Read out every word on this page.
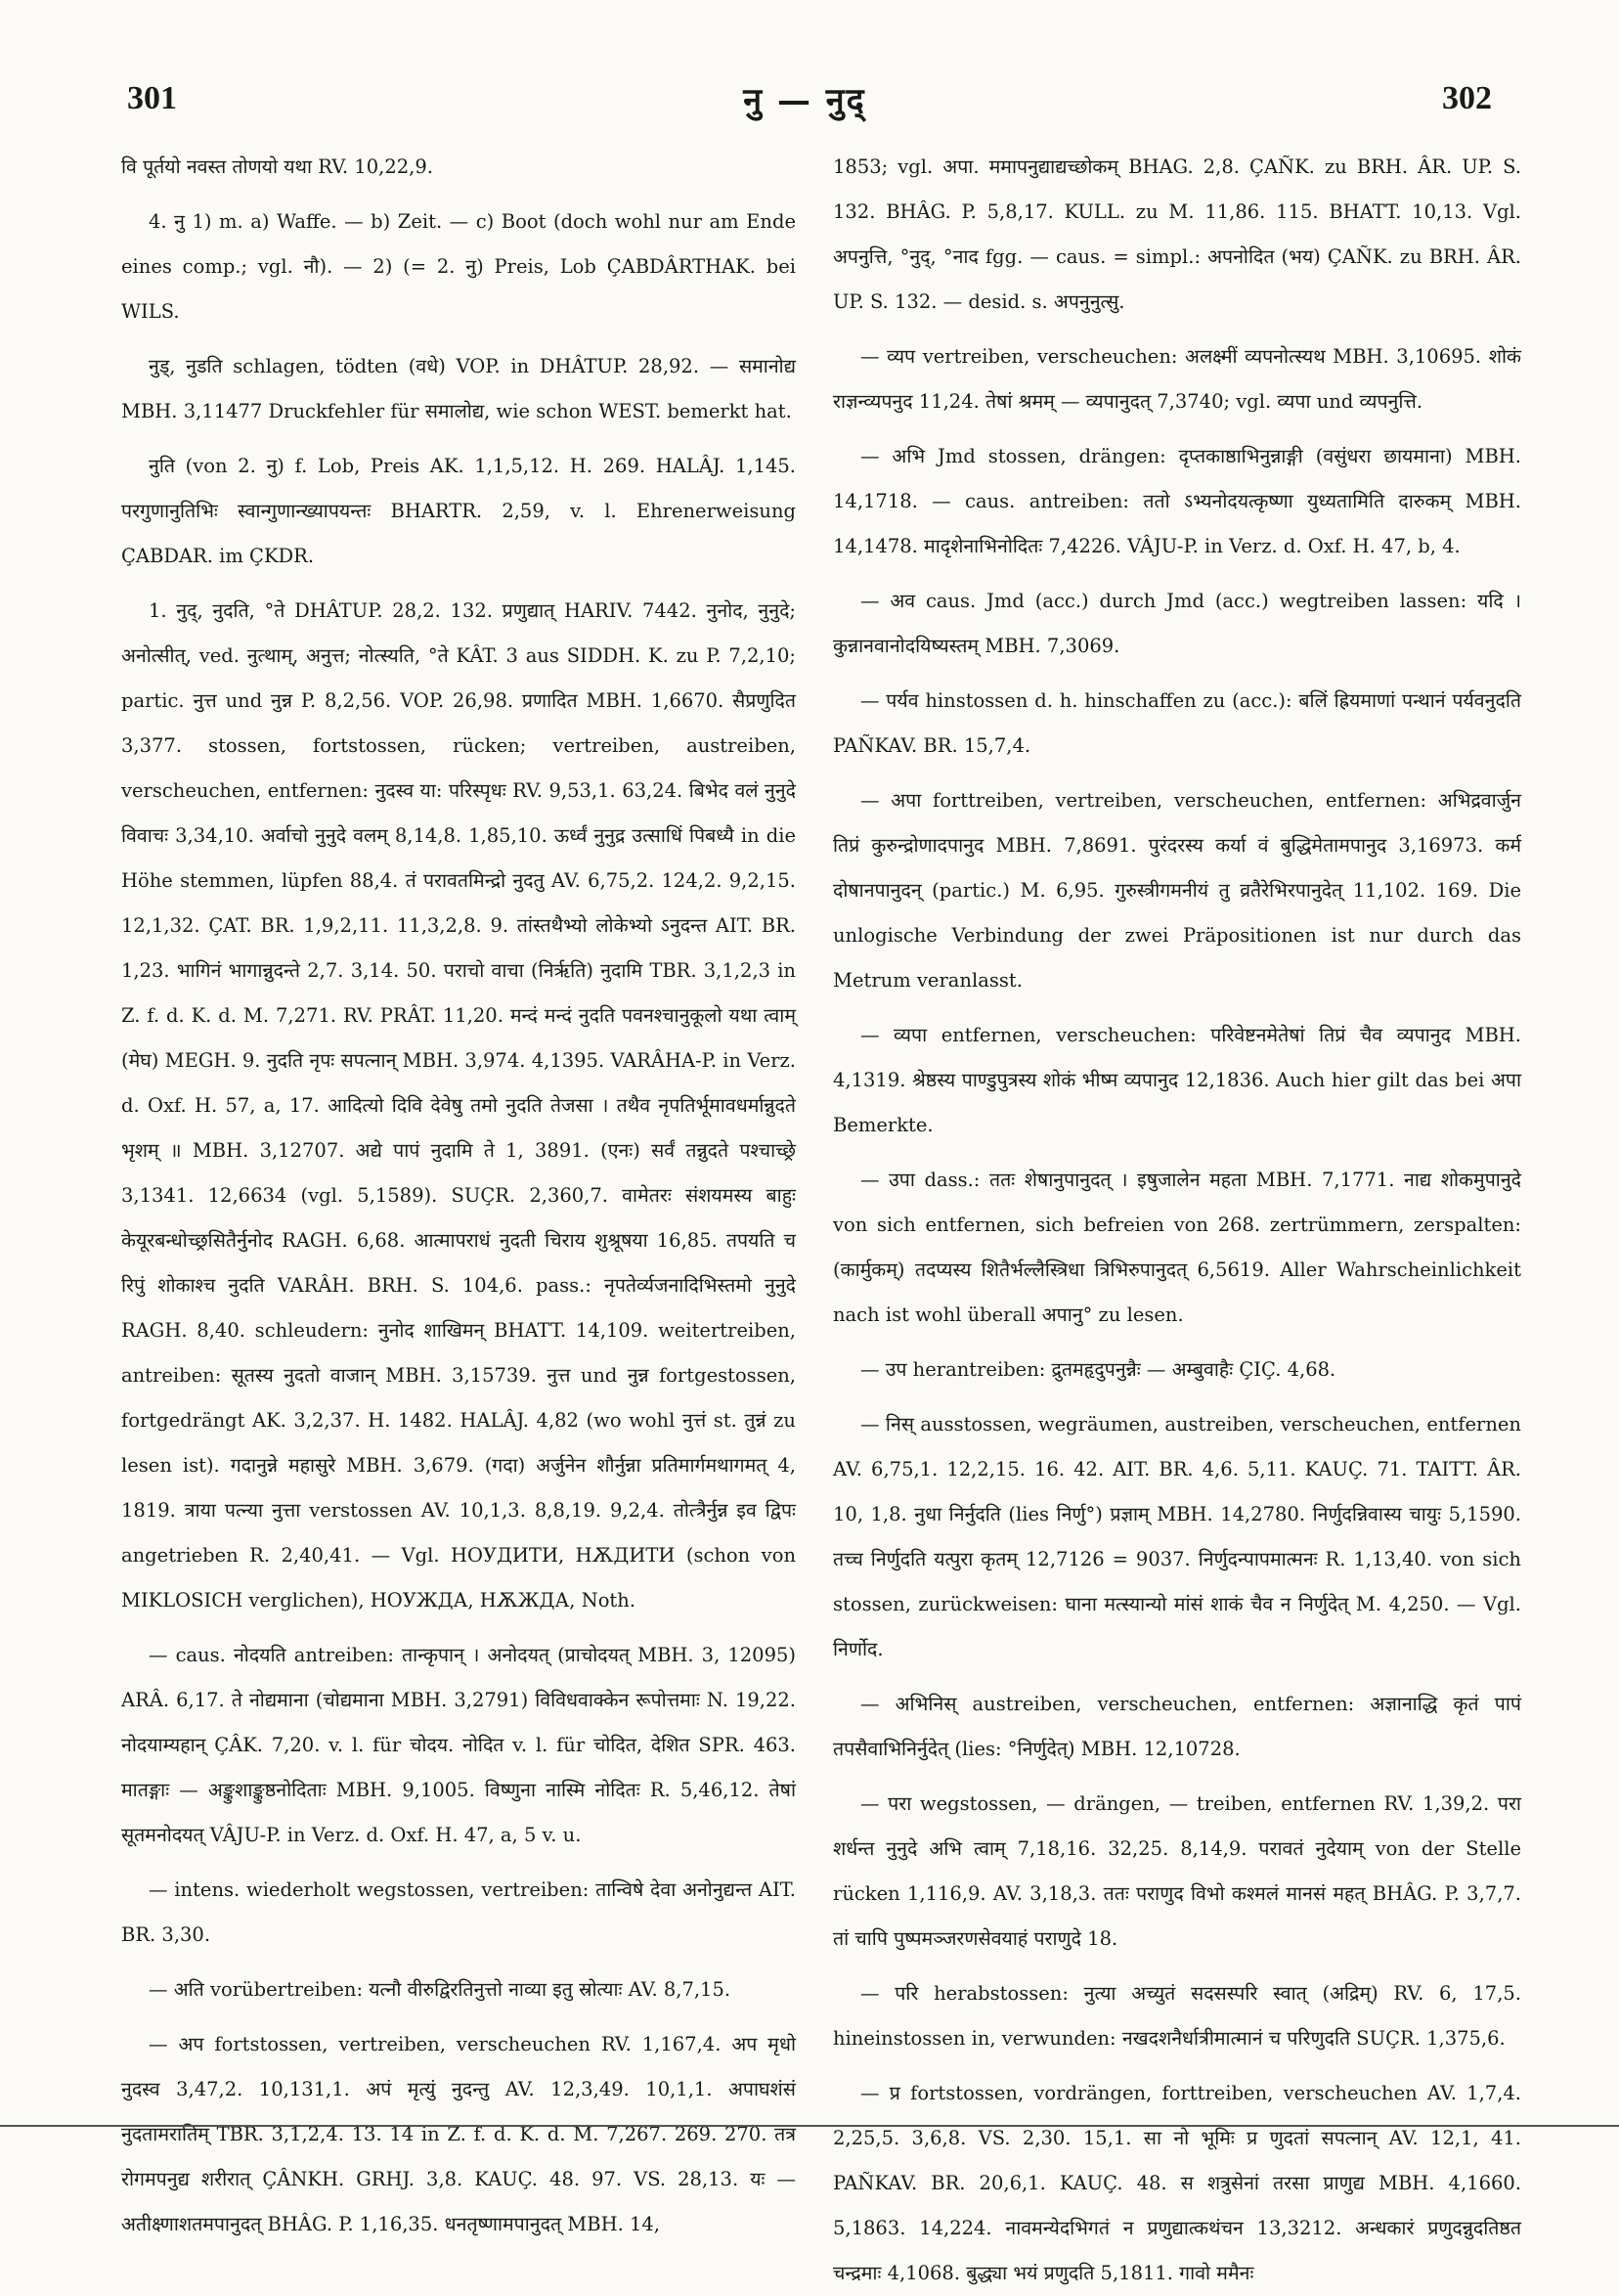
301	नु — नुद्	302

वि पूर्तयो नवस्त तोणयो यथा RV. 10,22,9.

4. नु 1) m. a) Waffe. — b) Zeit. — c) Boot (doch wohl nur am Ende eines comp.; vgl. नौ). — 2) (= 2. नु) Preis, Lob ÇABDÂRTHAK. bei WILS.

नुड्, नुडति schlagen, tödten (वधे) VOP. in DHÂTUP. 28,92. — समानोद्य MBH. 3,11477 Druckfehler für समालोद्य, wie schon WEST. bemerkt hat.

नुति (von 2. नु) f. Lob, Preis AK. 1,1,5,12. H. 269. HALÂJ. 1,145. परगुणानुतिभिः स्वान्गुणान्ख्यापयन्तः BHARTR. 2,59, v. l. Ehrenerweisung ÇABDAR. im ÇKDR.

1. नुद्, नुदति, °ते DHÂTUP. 28,2. 132. प्रणुद्यात् HARIV. 7442. नुनोद, नुनुदे; अनोत्सीत्, ved. नुत्थाम्, अनुत्त; नोत्स्यति, °ते KÂT. 3 aus SIDDH. K. zu P. 7,2,10; partic. नुत्त und नुन्न P. 8,2,56. VOP. 26,98. प्रणादित MBH. 1,6670. सैप्रणुदित 3,377. stossen, fortstossen, rücken; vertreiben, austreiben, verscheuchen, entfernen: नुदस्व या: परिस्पृधः RV. 9,53,1. 63,24. बिभेद वलं नुनुदे विवाचः 3,34,10. अर्वाचो नुनुदे वलम् 8,14,8. 1,85,10. ऊर्ध्वं नुनुद्र उत्साधिं पिबध्यै in die Höhe stemmen, lüpfen 88,4. तं परावतमिन्द्रो नुदतु AV. 6,75,2. 124,2. 9,2,15. 12,1,32. ÇAT. BR. 1,9,2,11. 11,3,2,8. 9. तांस्तथैभ्यो लोकेभ्यो ऽनुदन्त AIT. BR. 1,23. भागिनं भागान्नुदन्ते 2,7. 3,14. 50. पराचो वाचा (निर्ऋति) नुदामि TBR. 3,1,2,3 in Z. f. d. K. d. M. 7,271. RV. PRÂT. 11,20. मन्दं मन्दं नुदति पवनश्चानुकूलो यथा त्वाम् (मेघ) MEGH. 9. नुदति नृपः सपत्नान् MBH. 3,974. 4,1395. VARÂHA-P. in Verz. d. Oxf. H. 57, a, 17. आदित्यो दिवि देवेषु तमो नुदति तेजसा । तथैव नृपतिर्भूमावधर्मान्नुदते भृशम् ॥ MBH. 3,12707. अद्ये पापं नुदामि ते 1, 3891. (एनः) सर्वं तन्नुदते पश्चाच्छ्रे 3,1341. 12,6634 (vgl. 5,1589). SUÇR. 2,360,7. वामेतरः संशयमस्य बाहुः केयूरबन्धोच्छ्रसितैर्नुनोद RAGH. 6,68. आत्मापराधं नुदती चिराय शुश्रूषया 16,85. तपयति च रिपुं शोकाश्च नुदति VARÂH. BRH. S. 104,6. pass.: नृपतेर्व्यजनादिभिस्तमो नुनुदे RAGH. 8,40. schleudern: नुनोद शाखिमन् BHATT. 14,109. weitertreiben, antreiben: सूतस्य नुदतो वाजान् MBH. 3,15739. नुत्त und नुन्न fortgestossen, fortgedrängt AK. 3,2,37. H. 1482. HALÂJ. 4,82 (wo wohl नुत्तं st. तुन्नं zu lesen ist). गदानुन्ने महासुरे MBH. 3,679. (गदा) अर्जुनेन शौर्नुन्ना प्रतिमार्गमथागमत् 4, 1819. त्राया पत्न्या नुत्ता verstossen AV. 10,1,3. 8,8,19. 9,2,4. तोत्त्रैर्नुन्न इव द्विपः angetrieben R. 2,40,41. — Vgl. НОУДИТИ, НѪДИТИ (schon von MIKLOSICH verglichen), НОУЖДА, НѪЖДА, Noth.

— caus. नोदयति antreiben: तान्कृपान् । अनोदयत् (प्राचोदयत् MBH. 3, 12095) ARÂ. 6,17. ते नोद्यमाना (चोद्यमाना MBH. 3,2791) विविधवाक्केन रूपोत्तमाः N. 19,22. नोदयाम्यहान् ÇÂK. 7,20. v. l. für चोदय. नोदित v. l. für चोदित, देशित SPR. 463. मातङ्गाः — अङ्कुशाङ्कुष्ठनोदिताः MBH. 9,1005. विष्णुना नास्मि नोदितः R. 5,46,12. तेषां सूतमनोदयत् VÂJU-P. in Verz. d. Oxf. H. 47, a, 5 v. u.

— intens. wiederholt wegstossen, vertreiben: तान्विषे देवा अनोनुद्यन्त AIT. BR. 3,30.

— अति vorübertreiben: यत्नौ वीरुद्विरतिनुत्तो नाव्या इतु स्रोत्याः AV. 8,7,15.

— अप fortstossen, vertreiben, verscheuchen RV. 1,167,4. अप मृधो नुदस्व 3,47,2. 10,131,1. अपं मृत्युं नुदन्तु AV. 12,3,49. 10,1,1. अपाघशंसं नुदतामरातिम् TBR. 3,1,2,4. 13. 14 in Z. f. d. K. d. M. 7,267. 269. 270. तत्रं रोगमपनुद्य शरीरात् ÇÂNKH. GRHJ. 3,8. KAUÇ. 48. 97. VS. 28,13. यः — अतीक्ष्णाशतमपानुदत् BHÂG. P. 1,16,35. धनतृष्णामपानुदत् MBH. 14,

1853; vgl. अपा. ममापनुद्याद्यच्छोकम् BHAG. 2,8. ÇAÑK. zu BRH. ÂR. UP. S. 132. BHÂG. P. 5,8,17. KULL. zu M. 11,86. 115. BHATT. 10,13. Vgl. अपनुत्ति, °नुद्, °नाद fgg. — caus. = simpl.: अपनोदित (भय) ÇAÑK. zu BRH. ÂR. UP. S. 132. — desid. s. अपनुनुत्सु.

— व्यप vertreiben, verscheuchen: अलक्ष्मीं व्यपनोत्स्यथ MBH. 3,10695. शोकं राज्ञन्व्यपनुद 11,24. तेषां श्रमम् — व्यपानुदत् 7,3740; vgl. व्यपा und व्यपनुत्ति.

— अभि Jmd stossen, drängen: दृप्तकाष्ठाभिनुन्नाङ्गी (वसुंधरा छायमाना) MBH. 14,1718. — caus. antreiben: ततो ऽभ्यनोदयत्कृष्णा युध्यतामिति दारुकम् MBH. 14,1478. मादृशेनाभिनोदितः 7,4226. VÂJU-P. in Verz. d. Oxf. H. 47, b, 4.

— अव caus. Jmd (acc.) durch Jmd (acc.) wegtreiben lassen: यदि । कुन्नानवानोदयिष्यस्तम् MBH. 7,3069.

— पर्यव hinstossen d. h. hinschaffen zu (acc.): बलिं ह्रियमाणां पन्थानं पर्यवनुदति PAÑKAV. BR. 15,7,4.

— अपा forttreiben, vertreiben, verscheuchen, entfernen: अभिद्रवार्जुन तिप्रं कुरुन्द्रोणादपानुद MBH. 7,8691. पुरंदरस्य कर्या वं बुद्धिमेतामपानुद 3,16973. कर्म दोषानपानुदन् (partic.) M. 6,95. गुरुस्त्रीगमनीयं तु व्रतैरेभिरपानुदेत् 11,102. 169. Die unlogische Verbindung der zwei Präpositionen ist nur durch das Metrum veranlasst.

— व्यपा entfernen, verscheuchen: परिवेष्टनमेतेषां तिप्रं चैव व्यपानुद MBH. 4,1319. श्रेष्ठस्य पाण्डुपुत्रस्य शोकं भीष्म व्यपानुद 12,1836. Auch hier gilt das bei अपा Bemerkte.

— उपा dass.: ततः शेषानुपानुदत् । इषुजालेन महता MBH. 7,1771. नाद्य शोकमुपानुदे von sich entfernen, sich befreien von 268. zertrümmern, zerspalten: (कार्मुकम्) तदप्यस्य शितैर्भल्लैस्त्रिधा त्रिभिरुपानुदत् 6,5619. Aller Wahrscheinlichkeit nach ist wohl überall अपानु° zu lesen.

— उप herantreiben: द्रुतमहृदुपनुन्नैः — अम्बुवाहैः ÇIÇ. 4,68.

— निस् ausstossen, wegräumen, austreiben, verscheuchen, entfernen AV. 6,75,1. 12,2,15. 16. 42. AIT. BR. 4,6. 5,11. KAUÇ. 71. TAITT. ÂR. 10, 1,8. नुधा निर्नुदति (lies निर्णु°) प्रज्ञाम् MBH. 14,2780. निर्णुदन्निवास्य चायुः 5,1590. तच्च निर्णुदति यत्पुरा कृतम् 12,7126 = 9037. निर्णुदन्पापमात्मनः R. 1,13,40. von sich stossen, zurückweisen: घाना मत्स्यान्यो मांसं शाकं चैव न निर्णुदेत् M. 4,250. — Vgl. निर्णोद.

— अभिनिस् austreiben, verscheuchen, entfernen: अज्ञानाद्धि कृतं पापं तपसैवाभिनिर्नुदेत् (lies: °निर्णुदेत्) MBH. 12,10728.

— परा wegstossen, — drängen, — treiben, entfernen RV. 1,39,2. परा शर्धन्त नुनुदे अभि त्वाम् 7,18,16. 32,25. 8,14,9. परावतं नुदेयाम् von der Stelle rücken 1,116,9. AV. 3,18,3. ततः पराणुद विभो कश्मलं मानसं महत् BHÂG. P. 3,7,7. तां चापि पुष्पमञ्जरणसेवयाहं पराणुदे 18.

— परि herabstossen: नुत्या अच्युतं सदसस्परि स्वात् (अद्रिम्) RV. 6, 17,5. hineinstossen in, verwunden: नखदशनैर्धात्रीमात्मानं च परिणुदति SUÇR. 1,375,6.

— प्र fortstossen, vordrängen, forttreiben, verscheuchen AV. 1,7,4. 2,25,5. 3,6,8. VS. 2,30. 15,1. सा नो भूमिः प्र णुदतां सपत्नान् AV. 12,1, 41. PAÑKAV. BR. 20,6,1. KAUÇ. 48. स शत्रुसेनां तरसा प्राणुद्य MBH. 4,1660. 5,1863. 14,224. नावमन्येदभिगतं न प्रणुद्यात्कथंचन 13,3212. अन्धकारं प्रणुदन्नुदतिष्ठत चन्द्रमाः 4,1068. बुद्ध्या भयं प्रणुदति 5,1811. गावो ममैनः
